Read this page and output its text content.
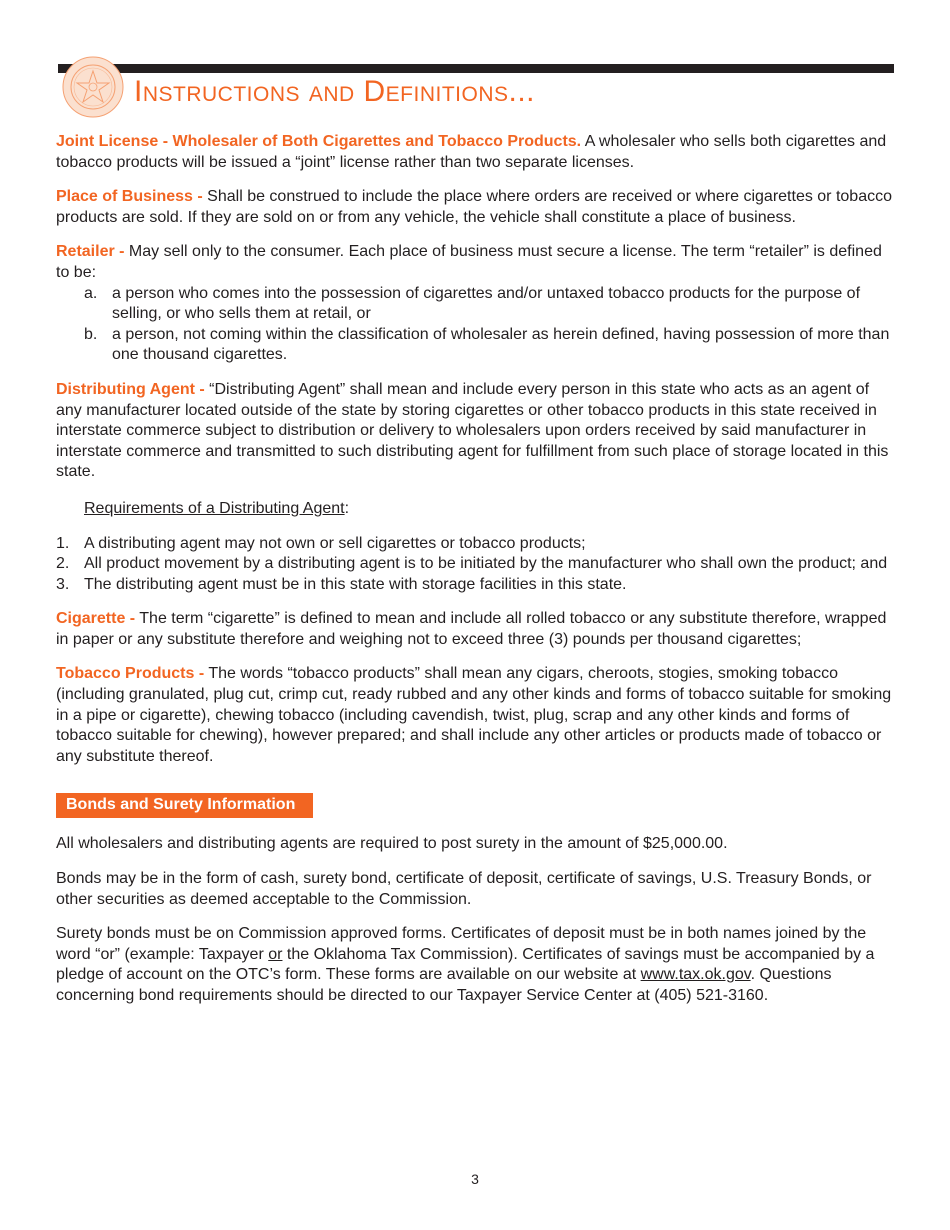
Instructions and Definitions...

Joint License - Wholesaler of Both Cigarettes and Tobacco Products. A wholesaler who sells both cigarettes and tobacco products will be issued a “joint” license rather than two separate licenses.

Place of Business - Shall be construed to include the place where orders are received or where cigarettes or tobacco products are sold. If they are sold on or from any vehicle, the vehicle shall constitute a place of business.

Retailer - May sell only to the consumer. Each place of business must secure a license. The term “retailer” is defined to be:

a. a person who comes into the possession of cigarettes and/or untaxed tobacco products for the purpose of selling, or who sells them at retail, or
b. a person, not coming within the classification of wholesaler as herein defined, having possession of more than one thousand cigarettes.

Distributing Agent - “Distributing Agent” shall mean and include every person in this state who acts as an agent of any manufacturer located outside of the state by storing cigarettes or other tobacco products in this state received in interstate commerce subject to distribution or delivery to wholesalers upon orders received by said manufacturer in interstate commerce and transmitted to such distributing agent for fulfillment from such place of storage located in this state.

Requirements of a Distributing Agent:

1. A distributing agent may not own or sell cigarettes or tobacco products;
2. All product movement by a distributing agent is to be initiated by the manufacturer who shall own the product; and
3. The distributing agent must be in this state with storage facilities in this state.

Cigarette - The term “cigarette” is defined to mean and include all rolled tobacco or any substitute therefore, wrapped in paper or any substitute therefore and weighing not to exceed three (3) pounds per thousand cigarettes;

Tobacco Products - The words “tobacco products” shall mean any cigars, cheroots, stogies, smoking tobacco (including granulated, plug cut, crimp cut, ready rubbed and any other kinds and forms of tobacco suitable for smoking in a pipe or cigarette), chewing tobacco (including cavendish, twist, plug, scrap and any other kinds and forms of tobacco suitable for chewing), however prepared; and shall include any other articles or products made of tobacco or any substitute thereof.

Bonds and Surety Information

All wholesalers and distributing agents are required to post surety in the amount of $25,000.00.

Bonds may be in the form of cash, surety bond, certificate of deposit, certificate of savings, U.S. Treasury Bonds, or other securities as deemed acceptable to the Commission.

Surety bonds must be on Commission approved forms. Certificates of deposit must be in both names joined by the word “or” (example: Taxpayer or the Oklahoma Tax Commission). Certificates of savings must be accompanied by a pledge of account on the OTC’s form. These forms are available on our website at www.tax.ok.gov. Questions concerning bond requirements should be directed to our Taxpayer Service Center at (405) 521-3160.

3
